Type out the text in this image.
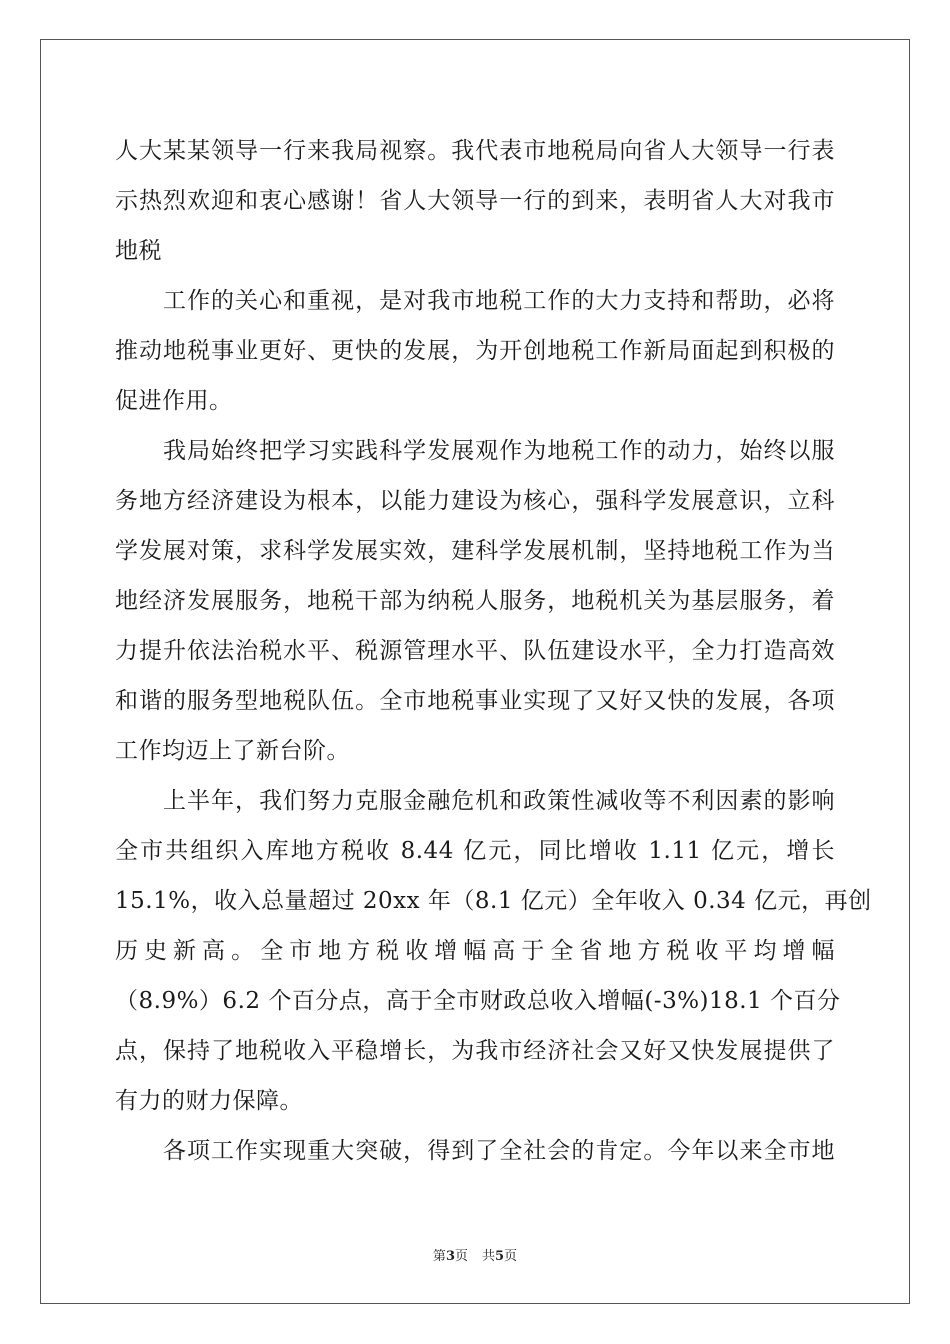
人大某某领导一行来我局视察。我代表市地税局向省人大领导一行表
示热烈欢迎和衷心感谢！省人大领导一行的到来，表明省人大对我市
地税
工作的关心和重视，是对我市地税工作的大力支持和帮助，必将
推动地税事业更好、更快的发展，为开创地税工作新局面起到积极的
促进作用。
我局始终把学习实践科学发展观作为地税工作的动力，始终以服
务地方经济建设为根本，以能力建设为核心，强科学发展意识，立科
学发展对策，求科学发展实效，建科学发展机制，坚持地税工作为当
地经济发展服务，地税干部为纳税人服务，地税机关为基层服务，着
力提升依法治税水平、税源管理水平、队伍建设水平，全力打造高效
和谐的服务型地税队伍。全市地税事业实现了又好又快的发展，各项
工作均迈上了新台阶。
上半年，我们努力克服金融危机和政策性减收等不利因素的影响
全市共组织入库地方税收 8.44 亿元，同比增收 1.11 亿元，增长
15.1%，收入总量超过 20xx 年（8.1 亿元）全年收入 0.34 亿元，再创
历史新高。全市地方税收增幅高于全省地方税收平均增幅
（8.9%）6.2 个百分点，高于全市财政总收入增幅(-3%)18.1 个百分
点，保持了地税收入平稳增长，为我市经济社会又好又快发展提供了
有力的财力保障。
各项工作实现重大突破，得到了全社会的肯定。今年以来全市地
第3页 共5页
